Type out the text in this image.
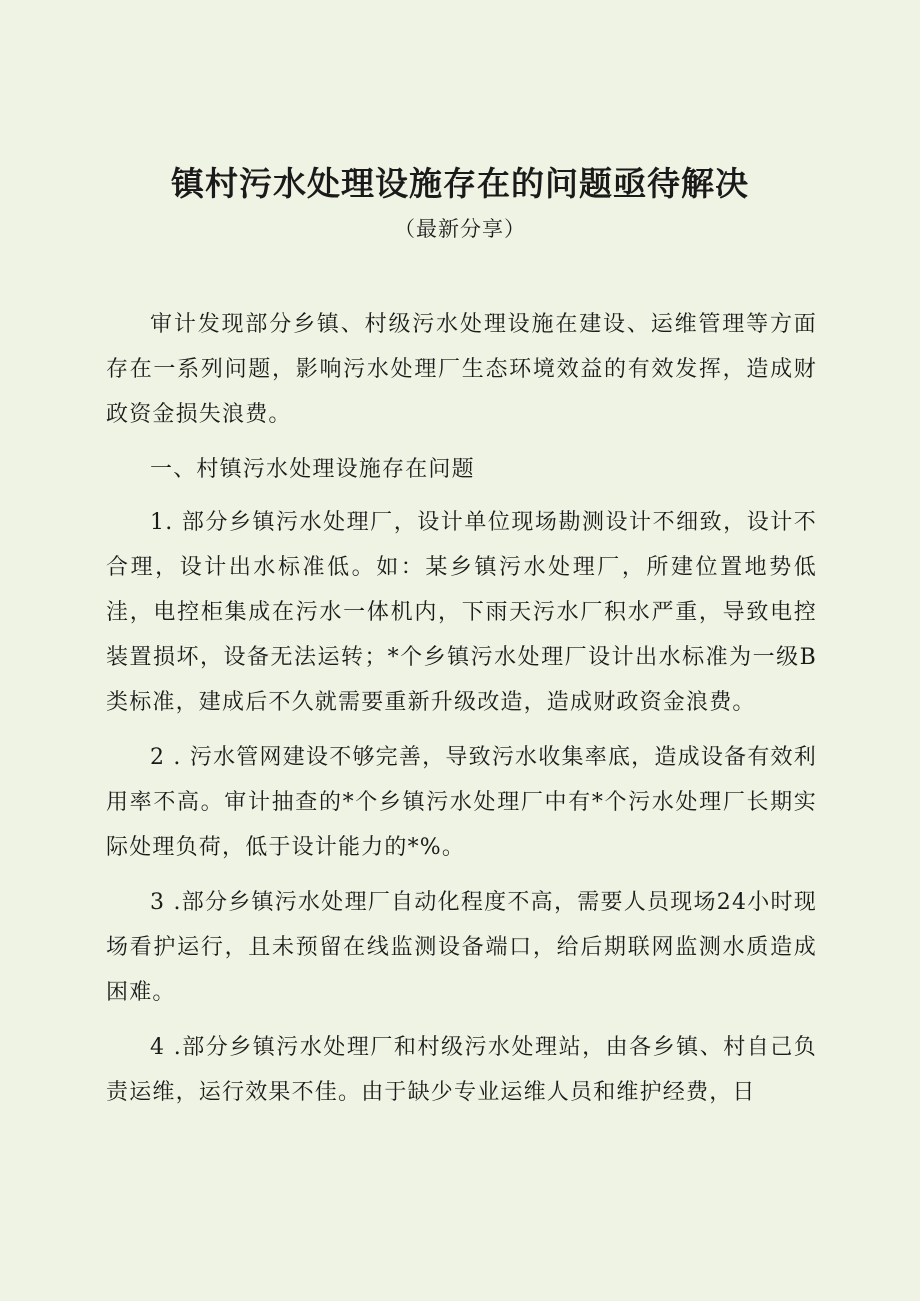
镇村污水处理设施存在的问题亟待解决
（最新分享）

审计发现部分乡镇、村级污水处理设施在建设、运维管理等方面存在一系列问题，影响污水处理厂生态环境效益的有效发挥，造成财政资金损失浪费。

一、村镇污水处理设施存在问题

1. 部分乡镇污水处理厂，设计单位现场勘测设计不细致，设计不合理，设计出水标准低。如：某乡镇污水处理厂，所建位置地势低洼，电控柜集成在污水一体机内，下雨天污水厂积水严重，导致电控装置损坏，设备无法运转；*个乡镇污水处理厂设计出水标准为一级B类标准，建成后不久就需要重新升级改造，造成财政资金浪费。

2 . 污水管网建设不够完善，导致污水收集率底，造成设备有效利用率不高。审计抽查的*个乡镇污水处理厂中有*个污水处理厂长期实际处理负荷，低于设计能力的*%。

3 .部分乡镇污水处理厂自动化程度不高，需要人员现场24小时现场看护运行，且未预留在线监测设备端口，给后期联网监测水质造成困难。

4 .部分乡镇污水处理厂和村级污水处理站，由各乡镇、村自己负责运维，运行效果不佳。由于缺少专业运维人员和维护经费，日
